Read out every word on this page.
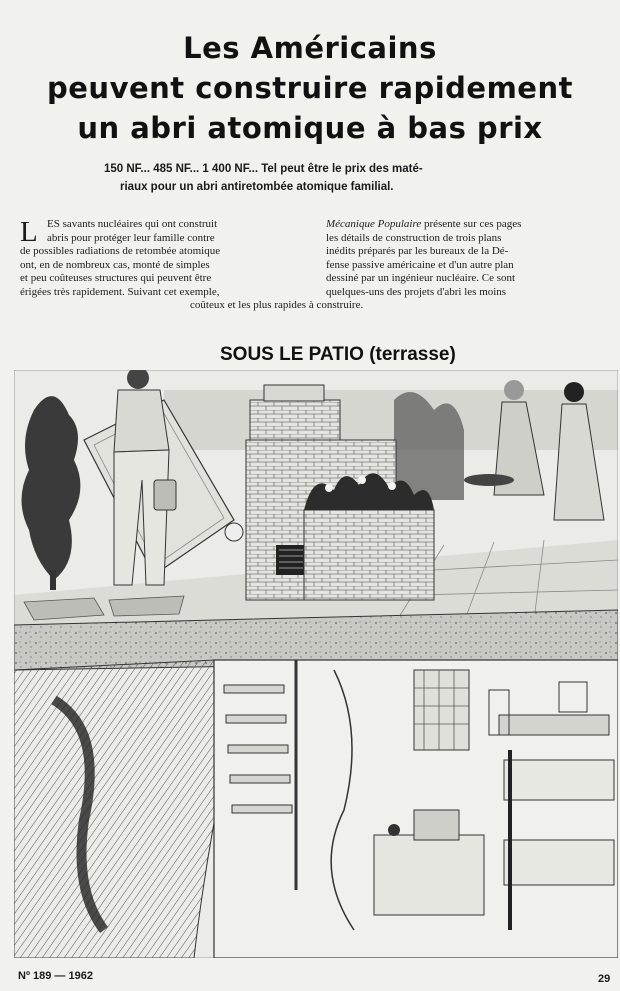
Les Américains
peuvent construire rapidement
un abri atomique à bas prix
150 NF... 485 NF... 1 400 NF... Tel peut être le prix des maté-
riaux pour un abri antiretombée atomique familial.
L ES savants nucléaires qui ont construit
abris pour protéger leur famille contre
de possibles radiations de retombée atomique
ont, en de nombreux cas, monté de simples
et peu coûteuses structures qui peuvent être
érigées très rapidement. Suivant cet exemple,
Mécanique Populaire présente sur ces pages
les détails de construction de trois plans
inédits préparés par les bureaux de la Dé-
fense passive américaine et d'un autre plan
dessiné par un ingénieur nucléaire. Ce sont
quelques-uns des projets d'abri les moins
coûteux et les plus rapides à construire.
SOUS LE PATIO (terrasse)
Nº 189 — 1962	29
